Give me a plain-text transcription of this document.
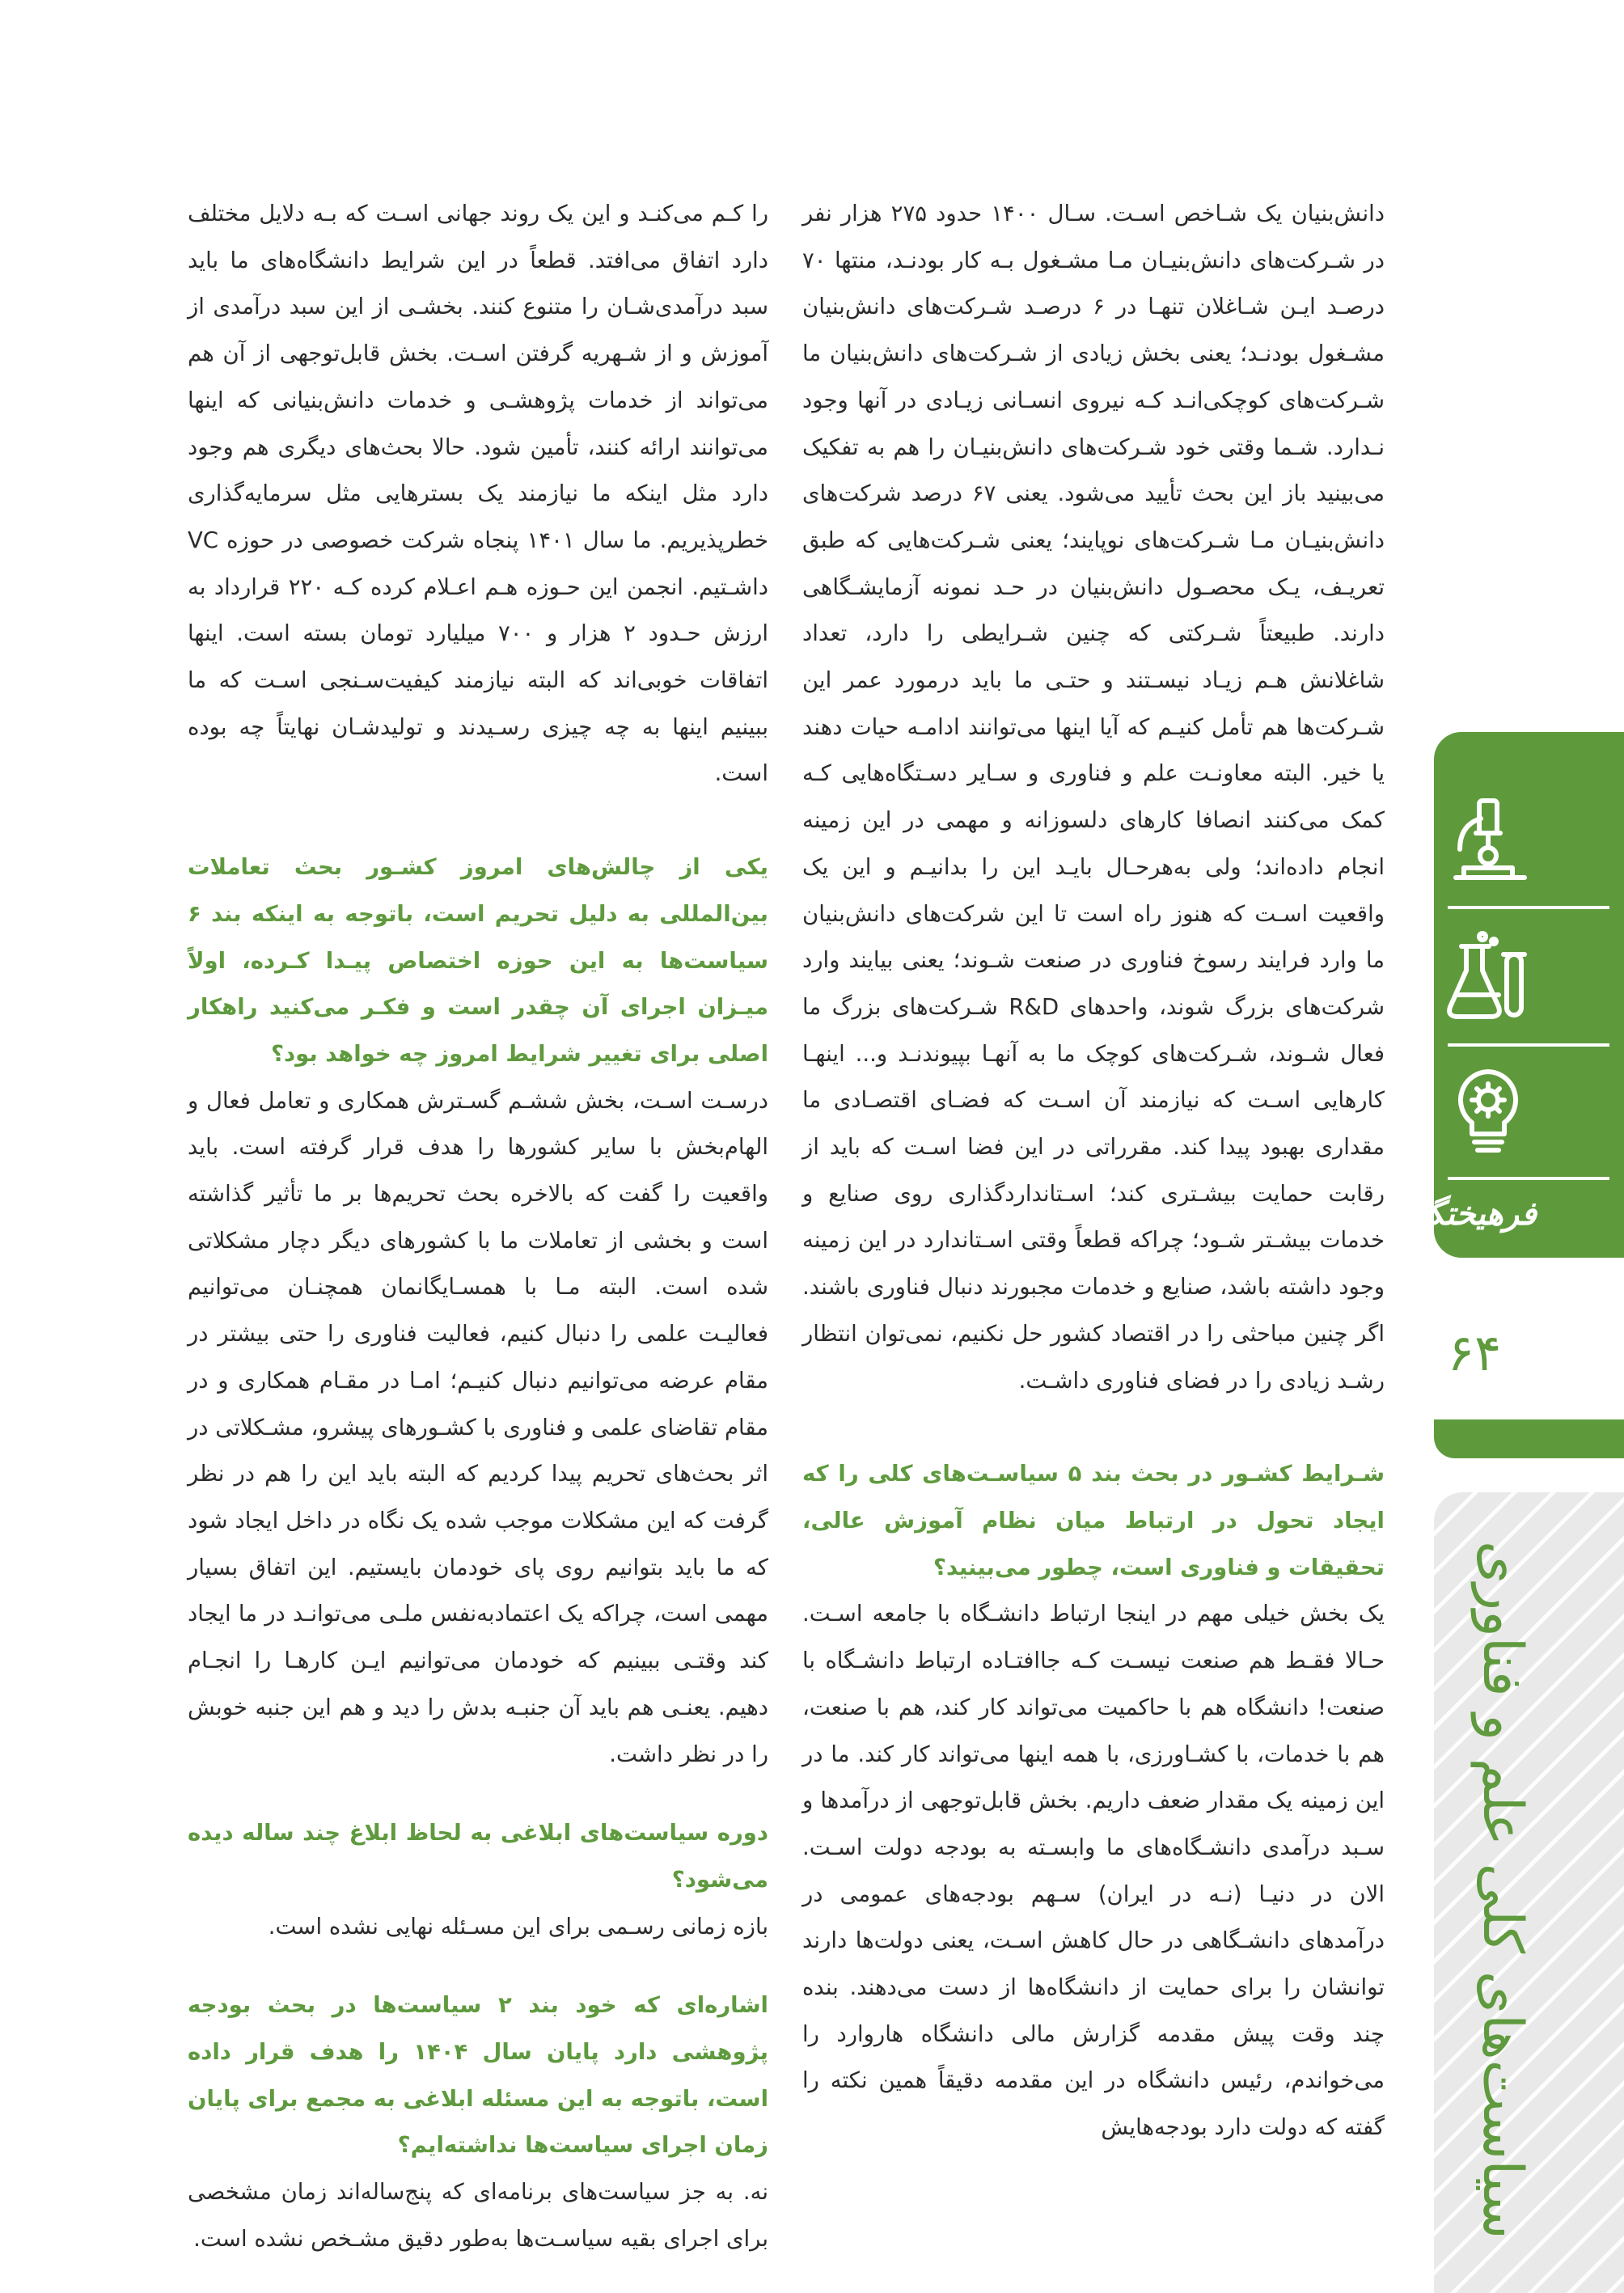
دانش‌بنیان یک شـاخص اسـت. سـال ۱۴۰۰ حدود ۲۷۵ هزار نفر در شـرکت‌های دانش‌بنیـان مـا مشـغول بـه کار بودنـد، منتها ۷۰ درصـد ایـن شـاغلان تنهـا در ۶ درصـد شـرکت‌های دانش‌بنیان مشـغول بودنـد؛ یعنی بخش زیادی از شـرکت‌های دانش‌بنیان ما شـرکت‌های کوچکی‌انـد کـه نیروی انسـانی زیـادی در آنها وجود نـدارد. شـما وقتی خود شـرکت‌های دانش‌بنیـان را هم به تفکیک می‌بینید باز این بحث تأیید می‌شود. یعنی ۶۷ درصد شرکت‌های دانش‌بنیـان مـا شـرکت‌های نوپایند؛ یعنی شـرکت‌هایی که طبق تعریـف، یـک محصـول دانش‌بنیان در حـد نمونه آزمایشـگاهی دارند. طبیعتاً شـرکتی که چنین شـرایطی را دارد، تعداد شاغلانش هـم زیـاد نیسـتند و حتـی ما باید درمورد عمر این شـرکت‌ها هم تأمل کنیـم که آیا اینها می‌توانند ادامـه حیات دهند یا خیر. البته معاونـت علم و فناوری و سـایر دسـتگاه‌هایی کـه کمک می‌کنند انصافا کارهای دلسوزانه و مهمی در این زمینه انجام داده‌اند؛ ولی به‌هرحـال بایـد این را بدانیـم و این یک واقعیت اسـت که هنوز راه است تا این شرکت‌های دانش‌بنیان ما وارد فرایند رسوخ فناوری در صنعت شـوند؛ یعنی بیایند وارد شرکت‌های بزرگ شوند، واحدهای R&D شـرکت‌های بزرگ ما فعال شـوند، شـرکت‌های کوچک ما به آنهـا بپیوندنـد و... اینهـا کارهایی اسـت که نیازمند آن اسـت که فضـای اقتصـادی ما مقداری بهبود پیدا کند. مقرراتی در این فضا اسـت که باید از رقابت حمایت بیشـتری کند؛ اسـتانداردگذاری روی صنایع و خدمات بیشـتر شـود؛ چراکه قطعاً وقتی اسـتاندارد در این زمینه وجود داشته باشد، صنایع و خدمات مجبورند دنبال فناوری باشند. اگر چنین مباحثی را در اقتصاد کشور حل نکنیم، نمی‌توان انتظار رشـد زیادی را در فضای فناوری داشـت.

شـرایط کشـور در بحث بند ۵ سیاسـت‌های کلی را که ایجاد تحول در ارتباط میان نظام آموزش عالی، تحقیقات و فناوری است، چطور می‌بینید؟

یک بخش خیلی مهم در اینجا ارتباط دانشـگاه با جامعه اسـت. حـالا فقـط هم صنعت نیسـت کـه جاافتـاده ارتباط دانشـگاه با صنعت! دانشگاه هم با حاکمیت می‌تواند کار کند، هم با صنعت، هم با خدمات، با کشـاورزی، با همه اینها می‌تواند کار کند. ما در این زمینه یک مقدار ضعف داریم. بخش قابل‌توجهی از درآمدها و سـبد درآمدی دانشـگاه‌های ما وابسـته به بودجه دولت اسـت. الان در دنیـا (نـه در ایران) سـهم بودجه‌های عمومی در درآمدهای دانشـگاهی در حال کاهش اسـت، یعنی دولت‌ها دارند توانشان را برای حمایت از دانشگاه‌ها از دست می‌دهند. بنده چند وقت پیش مقدمه گزارش مالی دانشگاه هاروارد را می‌خواندم، رئیس دانشگاه در این مقدمه دقیقاً همین نکته را گفته که دولت دارد بودجه‌هایش

را کـم می‌کنـد و این یک روند جهانی اسـت که بـه دلایل مختلف دارد اتفاق می‌افتد. قطعاً در این شرایط دانشگاه‌های ما باید سبد درآمدی‌شـان را متنوع کنند. بخشـی از این سبد درآمدی از آموزش و از شـهریه گرفتن اسـت. بخش قابل‌توجهی از آن هم می‌تواند از خدمات پژوهشـی و خدمات دانش‌بنیانی که اینها می‌توانند ارائه کنند، تأمین شود. حالا بحث‌های دیگری هم وجود دارد مثل اینکه ما نیازمند یک بسترهایی مثل سرمایه‌گذاری خطرپذیریم. ما سال ۱۴۰۱ پنجاه شرکت خصوصی در حوزه VC داشـتیم. انجمن این حـوزه هـم اعـلام کرده کـه ۲۲۰ قرارداد به ارزش حـدود ۲ هزار و ۷۰۰ میلیارد تومان بسته است. اینها اتفاقات خوبی‌اند که البته نیازمند کیفیت‌سـنجی اسـت که ما ببینیم اینها به چه چیزی رسـیدند و تولیدشـان نهایتاً چه بوده است.

یکی از چالش‌های امروز کشـور بحث تعاملات بین‌المللی به دلیل تحریم است، باتوجه به اینکه بند ۶ سیاست‌ها به این حوزه اختصاص پیـدا کـرده، اولاً میـزان اجرای آن چقدر است و فکـر می‌کنید راهکار اصلی برای تغییر شرایط امروز چه خواهد بود؟

درسـت اسـت، بخش ششـم گسـترش همکاری و تعامل فعال و الهام‌بخش با سایر کشورها را هدف قرار گرفته است. باید واقعیت را گفت که بالاخره بحث تحریم‌ها بر ما تأثیر گذاشته است و بخشی از تعاملات ما با کشورهای دیگر دچار مشکلاتی شده است. البته مـا با همسـایگانمان همچنـان می‌توانیم فعالیـت علمی را دنبال کنیم، فعالیت فناوری را حتی بیشتر در مقام عرضه می‌توانیم دنبال کنیـم؛ امـا در مقـام همکاری و در مقام تقاضای علمی و فناوری با کشـورهای پیشرو، مشـکلاتی در اثر بحث‌های تحریم پیدا کردیم که البته باید این را هم در نظر گرفت که این مشکلات موجب شده یک نگاه در داخل ایجاد شود که ما باید بتوانیم روی پای خودمان بایستیم. این اتفاق بسیار مهمی است، چراکه یک اعتمادبه‌نفس ملـی می‌توانـد در ما ایجاد کند وقتـی ببینیم که خودمان می‌توانیم ایـن کارهـا را انجـام دهیم. یعنـی هم باید آن جنبـه بدش را دید و هم این جنبه خوبش را در نظر داشت.

دوره سیاست‌های ابلاغی به لحاظ ابلاغ چند ساله دیده می‌شود؟

بازه زمانی رسـمی برای این مسـئله نهایی نشده است.

اشاره‌ای که خود بند ۲ سیاست‌ها در بحث بودجه پژوهشی دارد پایان سال ۱۴۰۴ را هدف قرار داده است، باتوجه به این مسئله ابلاغی به مجمع برای پایان زمان اجرای سیاست‌ها نداشته‌ایم؟

نه. به جز سیاست‌های برنامه‌ای که پنج‌ساله‌اند زمان مشخصی برای اجرای بقیه سیاسـت‌ها به‌طور دقیق مشـخص نشده است.

فرهیختگان
۶۴
سیاست‌های کلی علم و فناوری
